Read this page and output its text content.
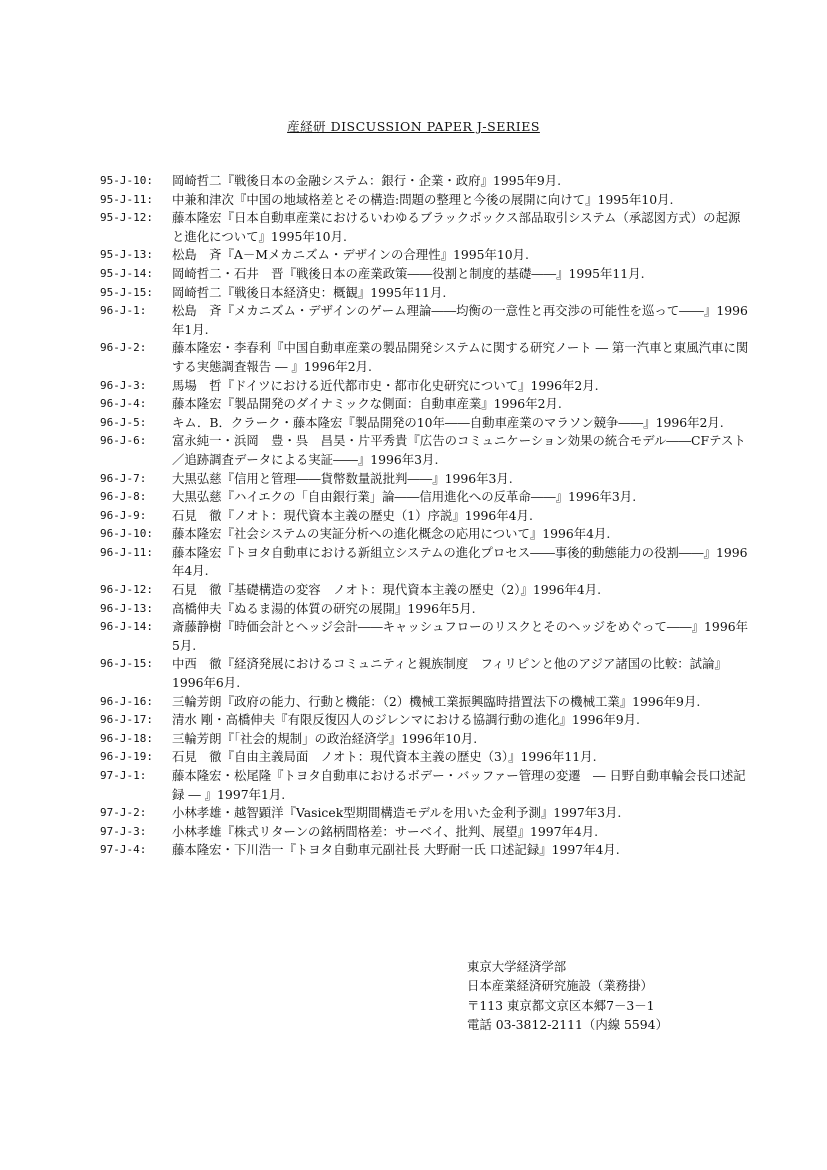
産経研 DISCUSSION PAPER J-SERIES
95-J-10:	岡崎哲二『戦後日本の金融システム：銀行・企業・政府』1995年9月.
95-J-11:	中兼和津次『中国の地域格差とその構造:問題の整理と今後の展開に向けて』1995年10月.
95-J-12:	藤本隆宏『日本自動車産業におけるいわゆるブラックボックス部品取引システム（承認図方式）の起源と進化について』1995年10月.
95-J-13:	松島　斉『A－Mメカニズム・デザインの合理性』1995年10月.
95-J-14:	岡崎哲二・石井　晋『戦後日本の産業政策――役割と制度的基礎――』1995年11月.
95-J-15:	岡崎哲二『戦後日本経済史：概観』1995年11月.
96-J-1:	松島　斉『メカニズム・デザインのゲーム理論――均衡の一意性と再交渉の可能性を巡って――』1996年1月.
96-J-2:	藤本隆宏・李春利『中国自動車産業の製品開発システムに関する研究ノート ― 第一汽車と東風汽車に関する実態調査報告 ― 』1996年2月.
96-J-3:	馬場　哲『ドイツにおける近代都市史・都市化史研究について』1996年2月.
96-J-4:	藤本隆宏『製品開発のダイナミックな側面：自動車産業』1996年2月.
96-J-5:	キム．B．クラーク・藤本隆宏『製品開発の10年――自動車産業のマラソン競争――』1996年2月.
96-J-6:	富永純一・浜岡　豊・呉　昌昊・片平秀貴『広告のコミュニケーション効果の統合モデル――CFテスト／追跡調査データによる実証――』1996年3月.
96-J-7:	大黒弘慈『信用と管理――貨幣数量説批判――』1996年3月.
96-J-8:	大黒弘慈『ハイエクの「自由銀行業」論――信用進化への反革命――』1996年3月.
96-J-9:	石見　徹『ノオト：現代資本主義の歴史（1）序説』1996年4月.
96-J-10:	藤本隆宏『社会システムの実証分析への進化概念の応用について』1996年4月.
96-J-11:	藤本隆宏『トヨタ自動車における新組立システムの進化プロセス――事後的動態能力の役割――』1996年4月.
96-J-12:	石見　徹『基礎構造の変容　ノオト：現代資本主義の歴史（2）』1996年4月.
96-J-13:	高橋伸夫『ぬるま湯的体質の研究の展開』1996年5月.
96-J-14:	斎藤静樹『時価会計とヘッジ会計――キャッシュフローのリスクとそのヘッジをめぐって――』1996年5月.
96-J-15:	中西　徹『経済発展におけるコミュニティと親族制度　フィリピンと他のアジア諸国の比較：試論』1996年6月.
96-J-16:	三輪芳朗『政府の能力、行動と機能：（2）機械工業振興臨時措置法下の機械工業』1996年9月.
96-J-17:	清水 剛・高橋伸夫『有限反復囚人のジレンマにおける協調行動の進化』1996年9月.
96-J-18:	三輪芳朗『「社会的規制」の政治経済学』1996年10月.
96-J-19:	石見　徹『自由主義局面　ノオト：現代資本主義の歴史（3）』1996年11月.
97-J-1:	藤本隆宏・松尾隆『トヨタ自動車におけるボデー・バッファー管理の変遷　― 日野自動車輪会長口述記録 ― 』1997年1月.
97-J-2:	小林孝雄・越智顕洋『Vasicek型期間構造モデルを用いた金利予測』1997年3月.
97-J-3:	小林孝雄『株式リターンの銘柄間格差：サーベイ、批判、展望』1997年4月.
97-J-4:	藤本隆宏・下川浩一『トヨタ自動車元副社長 大野耐一氏 口述記録』1997年4月.
東京大学経済学部
日本産業経済研究施設（業務掛）
〒113 東京都文京区本郷7－3－1
電話 03-3812-2111（内線 5594）
